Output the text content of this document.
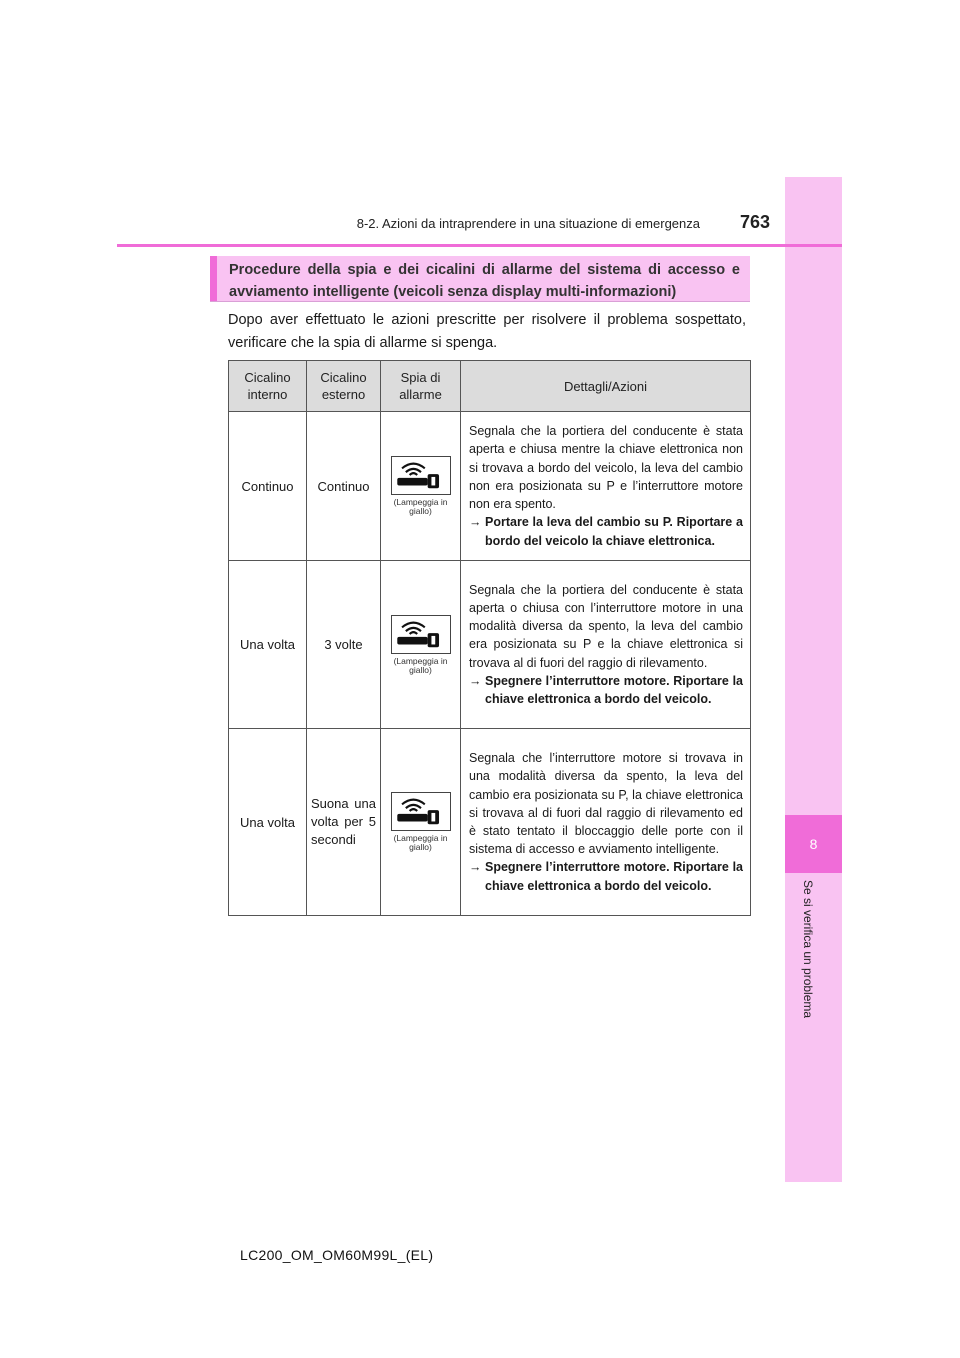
8
Se si verifica un problema
8-2. Azioni da intraprendere in una situazione di emergenza 763
Procedure della spia e dei cicalini di allarme del sistema di accesso e avviamento intelligente (veicoli senza display multi-informazioni)
Dopo aver effettuato le azioni prescritte per risolvere il problema sospettato, verificare che la spia di allarme si spenga.
Cicalino interno	Cicalino esterno	Spia di allarme	Dettagli/Azioni
Continuo	Continuo	(Lampeggia in giallo)	Segnala che la portiera del conducente è stata aperta e chiusa mentre la chiave elettronica non si trovava a bordo del veicolo, la leva del cambio non era posizionata su P e l’interruttore motore non era spento.
→ Portare la leva del cambio su P. Riportare a bordo del veicolo la chiave elettronica.

Una volta	3 volte	(Lampeggia in giallo)	Segnala che la portiera del conducente è stata aperta o chiusa con l’interruttore motore in una modalità diversa da spento, la leva del cambio era posizionata su P e la chiave elettronica si trovava al di fuori del raggio di rilevamento.
→ Spegnere l’interruttore motore. Riportare la chiave elettronica a bordo del veicolo.

Una volta	Suona una volta per 5 secondi	(Lampeggia in giallo)	Segnala che l’interruttore motore si trovava in una modalità diversa da spento, la leva del cambio era posizionata su P, la chiave elettronica si trovava al di fuori dal raggio di rilevamento ed è stato tentato il bloccaggio delle porte con il sistema di accesso e avviamento intelligente.
→ Spegnere l’interruttore motore. Riportare la chiave elettronica a bordo del veicolo.
LC200_OM_OM60M99L_(EL)
